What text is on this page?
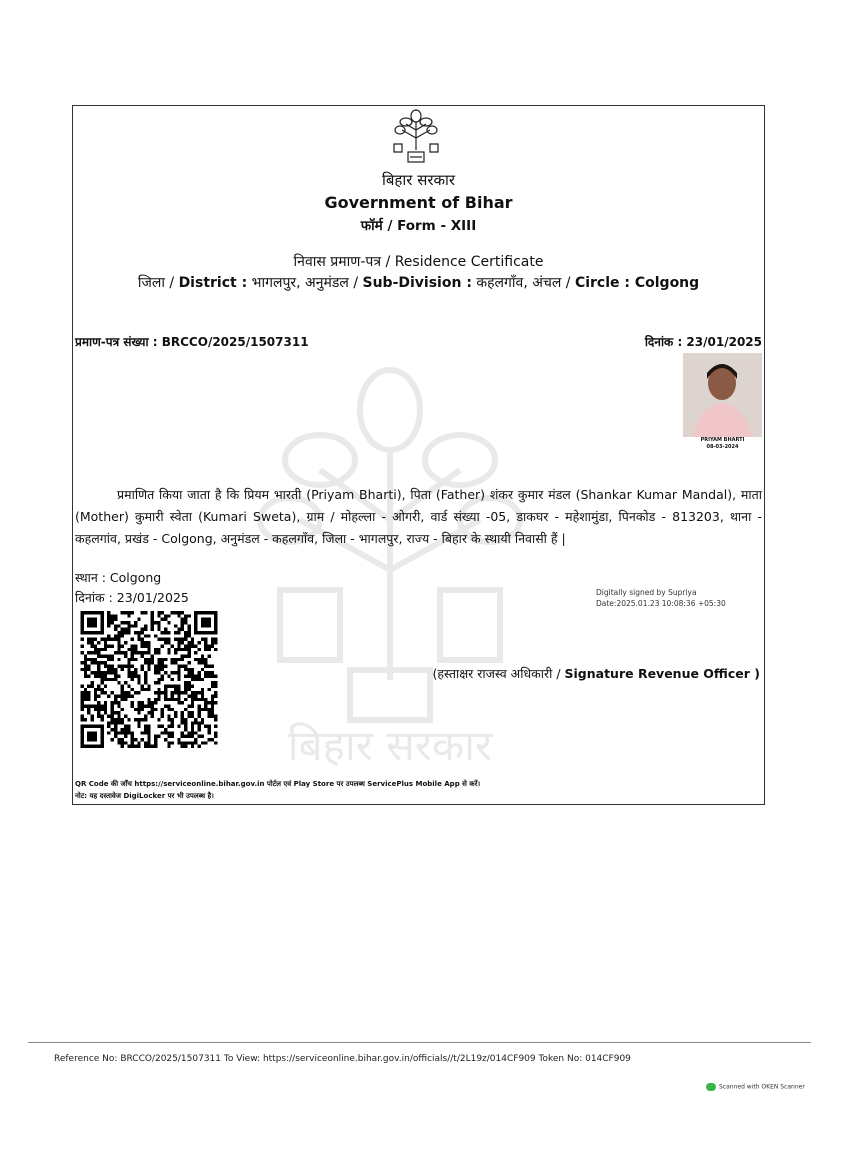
बिहार सरकार
बिहार सरकार
Government of Bihar
फॉर्म / Form - XIII
निवास प्रमाण-पत्र / Residence Certificate
जिला / District : भागलपुर, अनुमंडल / Sub-Division : कहलगाँव, अंचल / Circle : Colgong
प्रमाण-पत्र संख्या : BRCCO/2025/1507311	दिनांक : 23/01/2025
PRIYAM BHARTI
08-03-2024
प्रमाणित किया जाता है कि प्रियम भारती (Priyam Bharti), पिता (Father) शंकर कुमार मंडल (Shankar Kumar Mandal), माता (Mother) कुमारी स्वेता (Kumari Sweta), ग्राम / मोहल्ला - ओगरी, वार्ड संख्या -05, डाकघर - महेशामुंडा, पिनकोड - 813203, थाना - कहलगांव, प्रखंड - Colgong, अनुमंडल - कहलगाँव, जिला - भागलपुर, राज्य - बिहार के स्थायी निवासी हैं |
स्थान : Colgong
दिनांक : 23/01/2025	Digitally signed by Supriya
Date:2025.01.23 10:08:36 +05:30
(हस्ताक्षर राजस्व अधिकारी / Signature Revenue Officer )
QR Code की जाँच https://serviceonline.bihar.gov.in पोर्टल एवं Play Store पर उपलब्ध ServicePlus Mobile App से करें।
नोट: यह दस्तावेज DigiLocker पर भी उपलब्ध है।
Reference No: BRCCO/2025/1507311 To View: https://serviceonline.bihar.gov.in/officials//t/2L19z/014CF909 Token No: 014CF909
Scanned with OKEN Scanner
